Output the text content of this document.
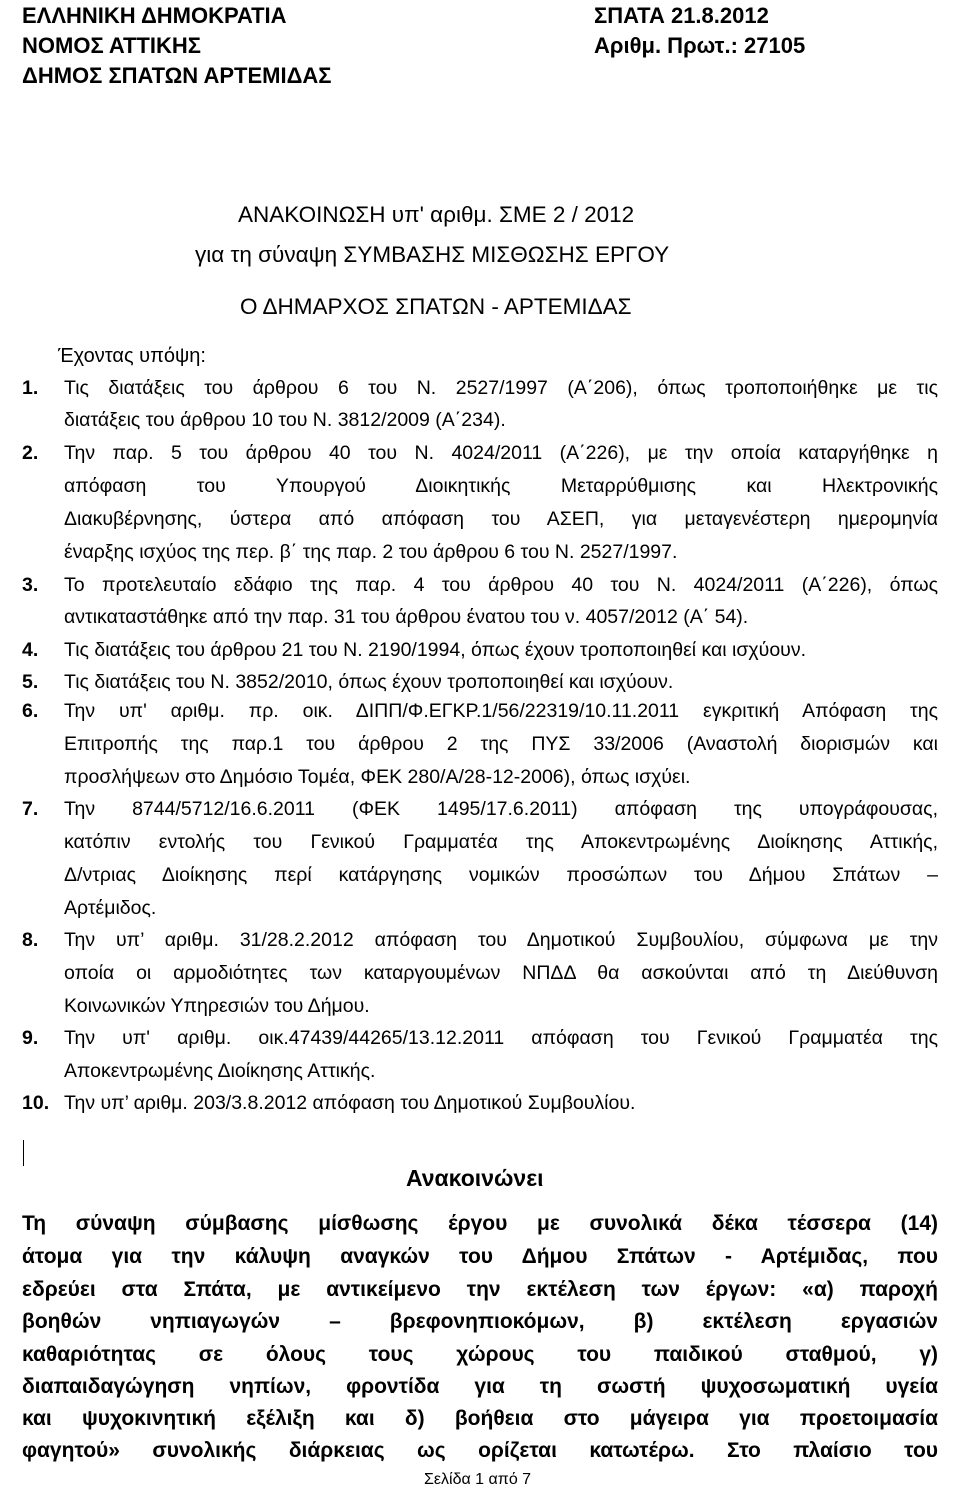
ΕΛΛΗΝΙΚΗ ΔΗΜΟΚΡΑΤΙΑ
ΝΟΜΟΣ ΑΤΤΙΚΗΣ
ΔΗΜΟΣ ΣΠΑΤΩΝ ΑΡΤΕΜΙΔΑΣ
ΣΠΑΤΑ 21.8.2012
Αριθμ. Πρωτ.: 27105
ΑΝΑΚΟΙΝΩΣΗ υπ' αριθμ. ΣΜΕ 2 / 2012
για τη σύναψη ΣΥΜΒΑΣΗΣ ΜΙΣΘΩΣΗΣ ΕΡΓΟΥ
Ο ΔΗΜΑΡΧΟΣ ΣΠΑΤΩΝ - ΑΡΤΕΜΙΔΑΣ
Έχοντας υπόψη:
1. Τις διατάξεις του άρθρου 6 του Ν. 2527/1997 (Α΄206), όπως τροποποιήθηκε με τις
διατάξεις του άρθρου 10 του Ν. 3812/2009 (Α΄234).
2. Την παρ. 5 του άρθρου 40 του Ν. 4024/2011 (Α΄226), με την οποία καταργήθηκε η
απόφαση του Υπουργού Διοικητικής Μεταρρύθμισης και Ηλεκτρονικής
Διακυβέρνησης, ύστερα από απόφαση του ΑΣΕΠ, για μεταγενέστερη ημερομηνία
έναρξης ισχύος της περ. β΄ της παρ. 2 του άρθρου 6 του Ν. 2527/1997.
3. Το προτελευταίο εδάφιο της παρ. 4 του άρθρου 40 του Ν. 4024/2011 (Α΄226), όπως
αντικαταστάθηκε από την παρ. 31 του άρθρου ένατου του ν. 4057/2012 (Α΄ 54).
4. Τις διατάξεις του άρθρου 21 του Ν. 2190/1994, όπως έχουν τροποποιηθεί και ισχύουν.
5. Τις διατάξεις του Ν. 3852/2010, όπως έχουν τροποποιηθεί και ισχύουν.
6. Την υπ' αριθμ. πρ. οικ. ΔΙΠΠ/Φ.ΕΓΚΡ.1/56/22319/10.11.2011 εγκριτική Απόφαση της
Επιτροπής της παρ.1 του άρθρου 2 της ΠΥΣ 33/2006 (Αναστολή διορισμών και
προσλήψεων στο Δημόσιο Τομέα, ΦΕΚ 280/Α/28-12-2006), όπως ισχύει.
7. Την 8744/5712/16.6.2011 (ΦΕΚ 1495/17.6.2011) απόφαση της υπογράφουσας,
κατόπιν εντολής του Γενικού Γραμματέα της Αποκεντρωμένης Διοίκησης Αττικής,
Δ/ντριας Διοίκησης περί κατάργησης νομικών προσώπων του Δήμου Σπάτων –
Αρτέμιδος.
8. Την υπ’ αριθμ. 31/28.2.2012 απόφαση του Δημοτικού Συμβουλίου, σύμφωνα με την
οποία οι αρμοδιότητες των καταργουμένων ΝΠΔΔ θα ασκούνται από τη Διεύθυνση
Κοινωνικών Υπηρεσιών του Δήμου.
9. Την υπ' αριθμ. οικ.47439/44265/13.12.2011 απόφαση του Γενικού Γραμματέα της
Αποκεντρωμένης Διοίκησης Αττικής.
10. Την υπ’ αριθμ. 203/3.8.2012 απόφαση του Δημοτικού Συμβουλίου.
Ανακοινώνει
Τη σύναψη σύμβασης μίσθωσης έργου με συνολικά δέκα τέσσερα (14)
άτομα για την κάλυψη αναγκών του Δήμου Σπάτων - Αρτέμιδας, που
εδρεύει στα Σπάτα, με αντικείμενο την εκτέλεση των έργων: «α) παροχή
βοηθών νηπιαγωγών – βρεφονηπιοκόμων, β) εκτέλεση εργασιών
καθαριότητας σε όλους τους χώρους του παιδικού σταθμού, γ)
διαπαιδαγώγηση νηπίων, φροντίδα για τη σωστή ψυχοσωματική υγεία
και ψυχοκινητική εξέλιξη και δ) βοήθεια στο μάγειρα για προετοιμασία
φαγητού» συνολικής διάρκειας ως ορίζεται κατωτέρω. Στο πλαίσιο του
Σελίδα 1 από 7
